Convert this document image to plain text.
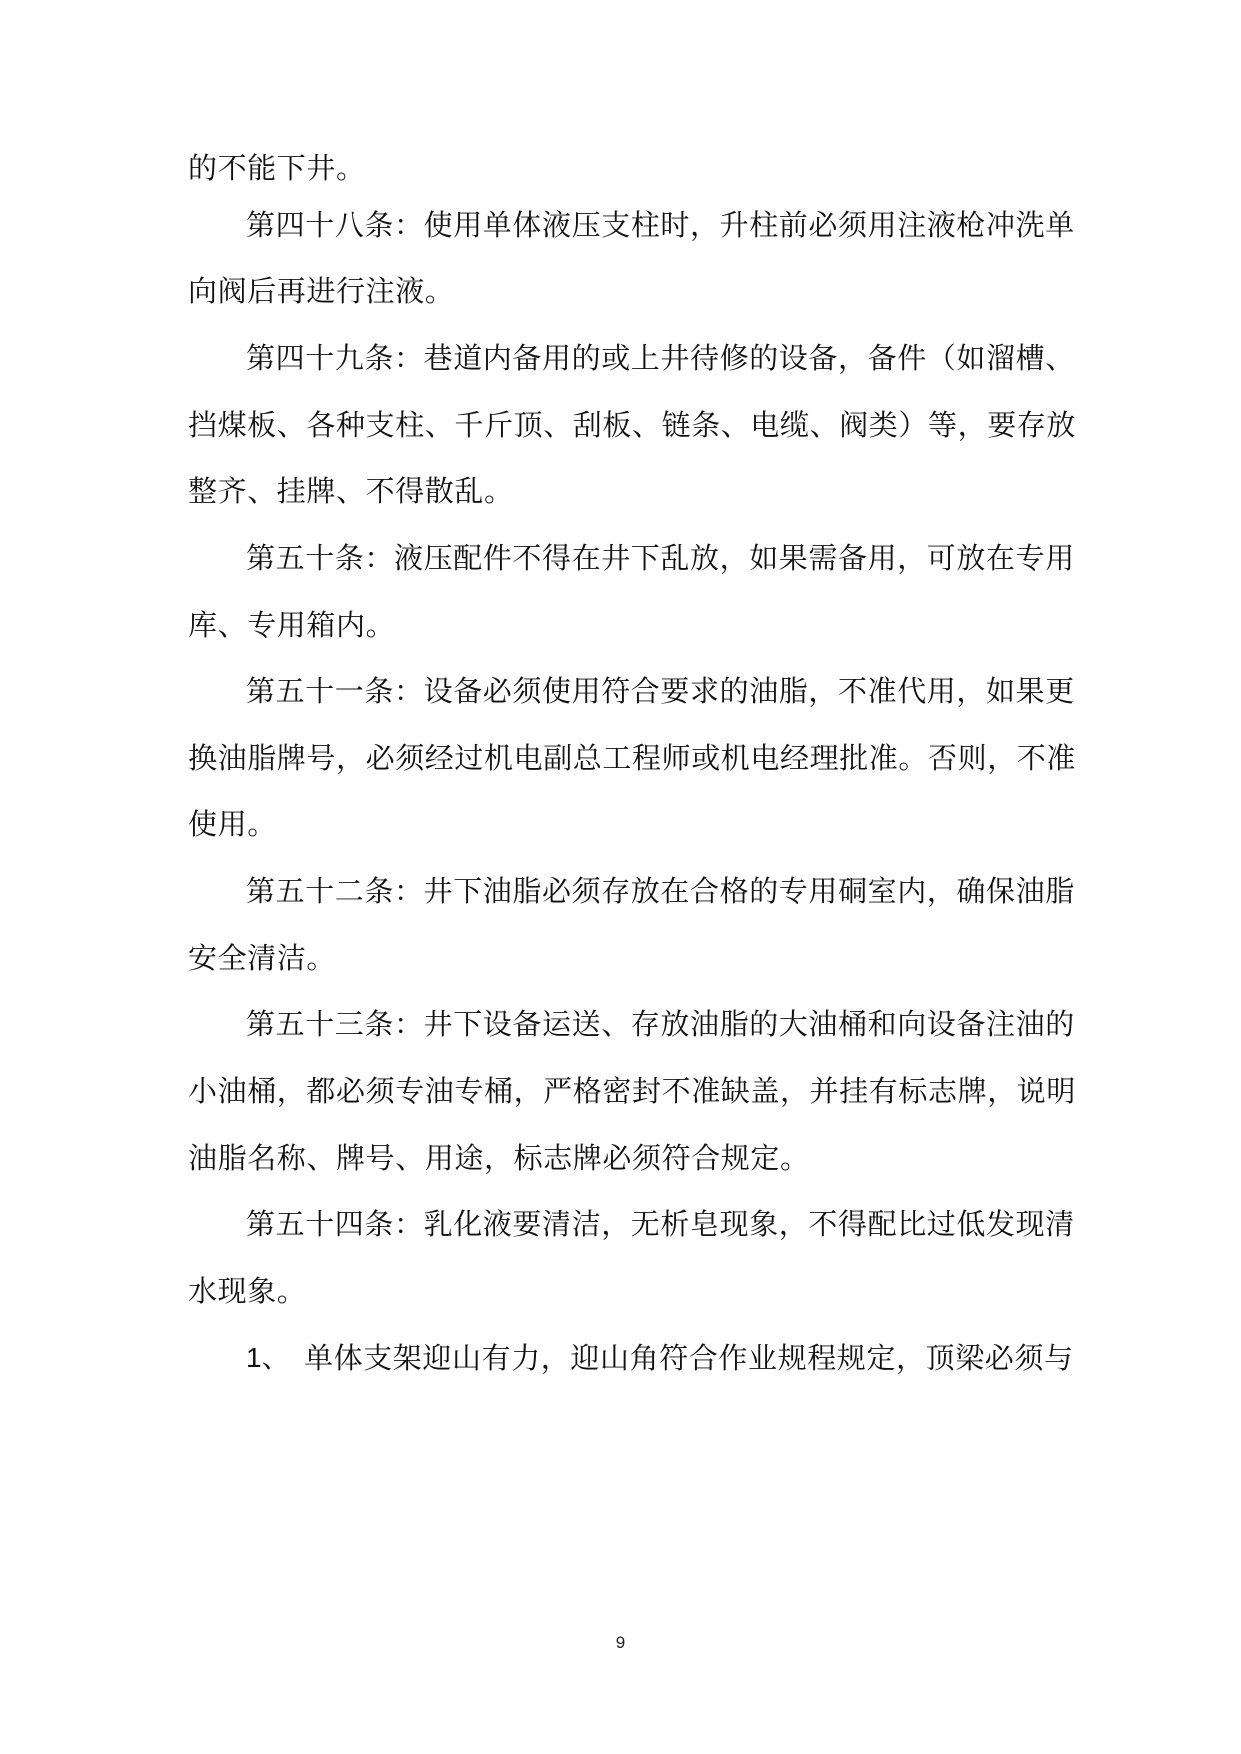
的不能下井。
第四十八条：使用单体液压支柱时，升柱前必须用注液枪冲洗单
向阀后再进行注液。
第四十九条：巷道内备用的或上井待修的设备，备件（如溜槽、
挡煤板、各种支柱、千斤顶、刮板、链条、电缆、阀类）等，要存放
整齐、挂牌、不得散乱。
第五十条：液压配件不得在井下乱放，如果需备用，可放在专用
库、专用箱内。
第五十一条：设备必须使用符合要求的油脂，不准代用，如果更
换油脂牌号，必须经过机电副总工程师或机电经理批准。否则，不准
使用。
第五十二条：井下油脂必须存放在合格的专用硐室内，确保油脂
安全清洁。
第五十三条：井下设备运送、存放油脂的大油桶和向设备注油的
小油桶，都必须专油专桶，严格密封不准缺盖，并挂有标志牌，说明
油脂名称、牌号、用途，标志牌必须符合规定。
第五十四条：乳化液要清洁，无析皂现象，不得配比过低发现清
水现象。
1、 单体支架迎山有力，迎山角符合作业规程规定，顶梁必须与
9
